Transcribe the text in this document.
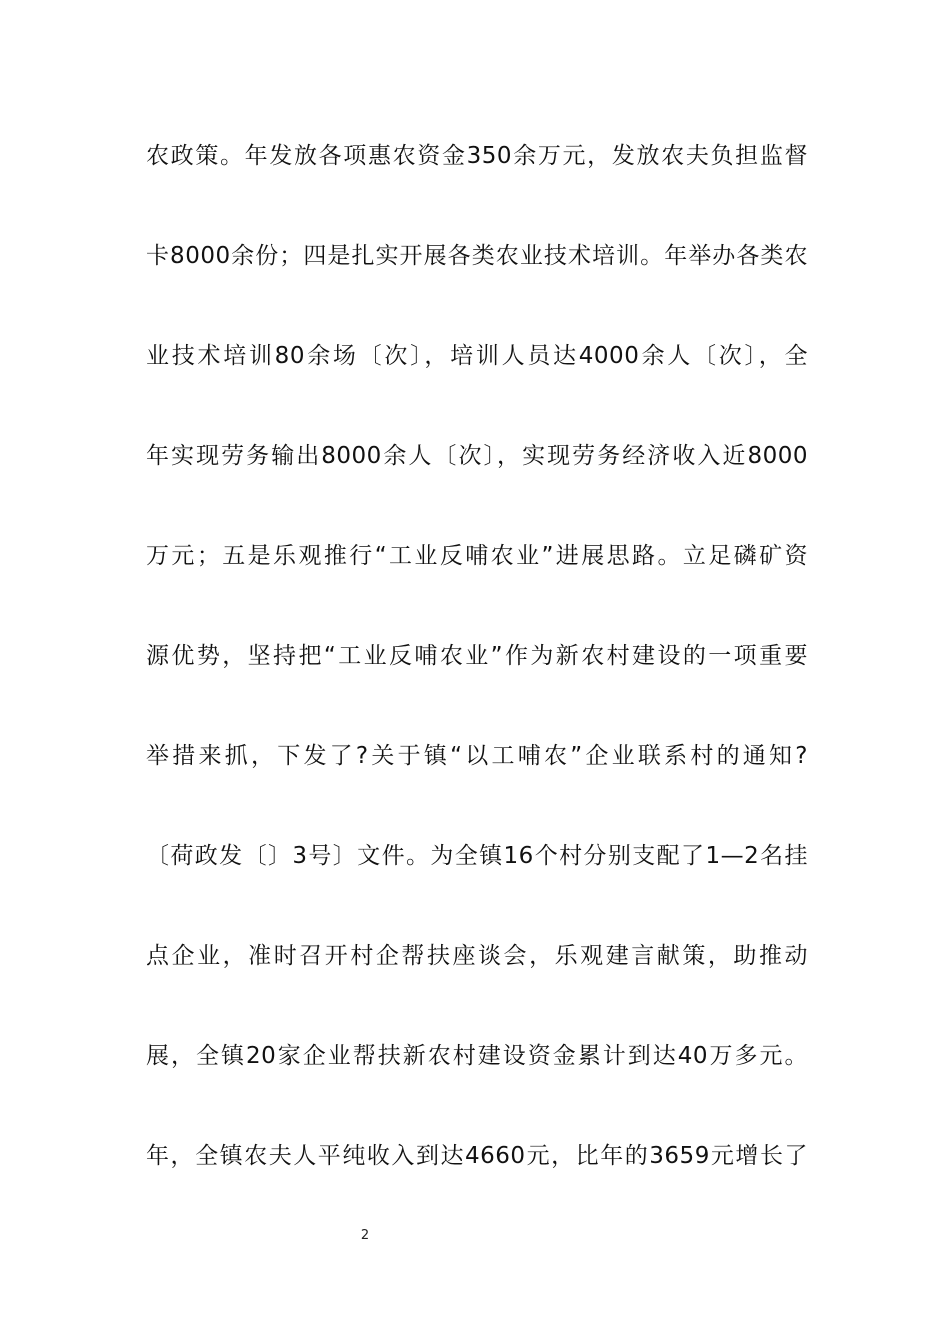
农政策。年发放各项惠农资金350余万元，发放农夫负担监督
卡8000余份；四是扎实开展各类农业技术培训。年举办各类农
业技术培训80余场〔次〕，培训人员达4000余人〔次〕，全
年实现劳务输出8000余人〔次〕，实现劳务经济收入近8000
万元；五是乐观推行“工业反哺农业”进展思路。立足磷矿资
源优势，坚持把“工业反哺农业”作为新农村建设的一项重要
举措来抓，下发了?关于镇“以工哺农”企业联系村的通知?
〔荷政发〔〕3号〕文件。为全镇16个村分别支配了1—2名挂
点企业，准时召开村企帮扶座谈会，乐观建言献策，助推动
展，全镇20家企业帮扶新农村建设资金累计到达40万多元。
年，全镇农夫人平纯收入到达4660元，比年的3659元增长了
2
